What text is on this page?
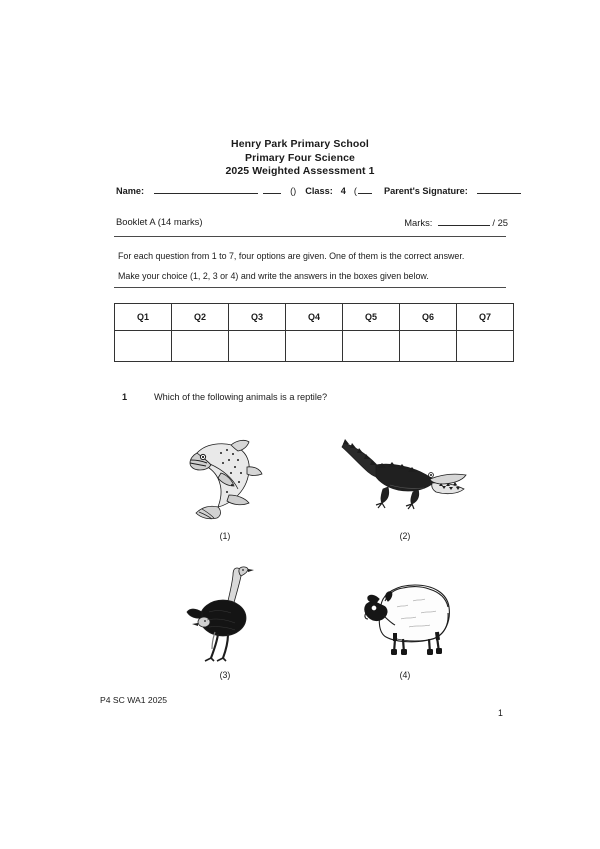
Henry Park Primary School
Primary Four Science
2025 Weighted Assessment 1
Name:	() Class: 4 (	Parent's Signature:
Booklet A (14 marks)	Marks:	/ 25
For each question from 1 to 7, four options are given. One of them is the correct answer.
Make your choice (1, 2, 3 or 4) and write the answers in the boxes given below.
Q1	Q2	Q3	Q4	Q5	Q6	Q7

1	Which of the following animals is a reptile?
(1)	(2)
(3)	(4)
P4 SC WA1 2025
1
